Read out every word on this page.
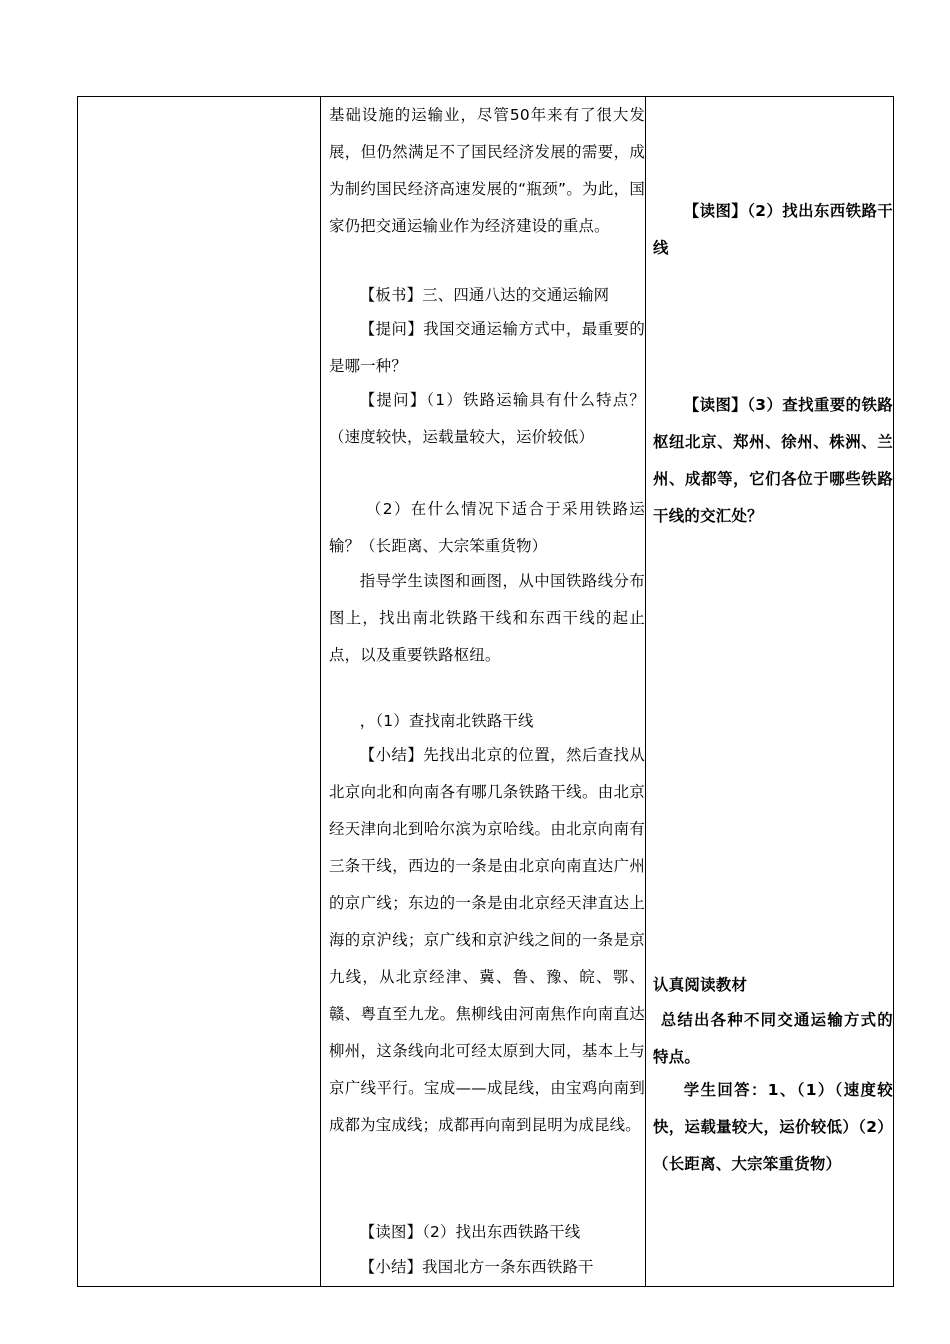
基础设施的运输业，尽管50年来有了很大发展，但仍然满足不了国民经济发展的需要，成为制约国民经济高速发展的“瓶颈”。为此，国家仍把交通运输业作为经济建设的重点。
【板书】三、四通八达的交通运输网
【提问】我国交通运输方式中，最重要的是哪一种？
【提问】（1）铁路运输具有什么特点？（速度较快，运载量较大，运价较低）
（2）在什么情况下适合于采用铁路运输？（长距离、大宗笨重货物）
指导学生读图和画图，从中国铁路线分布图上，找出南北铁路干线和东西干线的起止点，以及重要铁路枢纽。
，（1）查找南北铁路干线
【小结】先找出北京的位置，然后查找从北京向北和向南各有哪几条铁路干线。由北京经天津向北到哈尔滨为京哈线。由北京向南有三条干线，西边的一条是由北京向南直达广州的京广线；东边的一条是由北京经天津直达上海的京沪线；京广线和京沪线之间的一条是京九线，从北京经津、冀、鲁、豫、皖、鄂、赣、粤直至九龙。焦柳线由河南焦作向南直达柳州，这条线向北可经太原到大同，基本上与京广线平行。宝成——成昆线，由宝鸡向南到成都为宝成线；成都再向南到昆明为成昆线。
【读图】（2）找出东西铁路干线
【小结】我国北方一条东西铁路干
【读图】（2）找出东西铁路干线
【读图】（3）查找重要的铁路枢纽北京、郑州、徐州、株洲、兰州、成都等，它们各位于哪些铁路干线的交汇处？
认真阅读教材
总结出各种不同交通运输方式的特点。
学生回答：1、（1）（速度较快，运载量较大，运价较低）（2）（长距离、大宗笨重货物）
